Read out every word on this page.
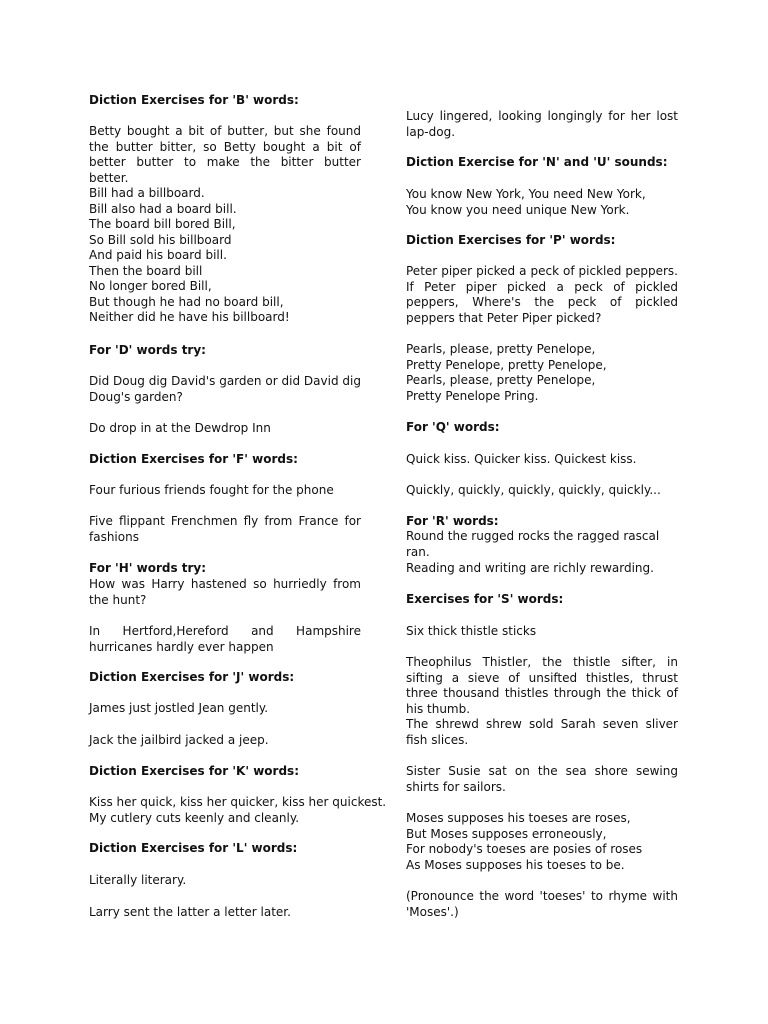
Diction Exercises for 'B' words:

Betty bought a bit of butter, but she found the butter bitter, so Betty bought a bit of better butter to make the bitter butter better.

Bill had a billboard.
Bill also had a board bill.
The board bill bored Bill,
So Bill sold his billboard
And paid his board bill.
Then the board bill
No longer bored Bill,
But though he had no board bill,
Neither did he have his billboard!

For 'D' words try:

Did Doug dig David's garden or did David dig Doug's garden?

Do drop in at the Dewdrop Inn

Diction Exercises for 'F' words:

Four furious friends fought for the phone

Five flippant Frenchmen fly from France for fashions

For 'H' words try:

How was Harry hastened so hurriedly from the hunt?

In Hertford,Hereford and Hampshire hurricanes hardly ever happen

Diction Exercises for 'J' words:

James just jostled Jean gently.

Jack the jailbird jacked a jeep.

Diction Exercises for 'K' words:

Kiss her quick, kiss her quicker, kiss her quickest.
My cutlery cuts keenly and cleanly.

Diction Exercises for 'L' words:

Literally literary.

Larry sent the latter a letter later.

Lucy lingered, looking longingly for her lost lap-dog.

Diction Exercise for 'N' and 'U' sounds:

You know New York, You need New York,
You know you need unique New York.

Diction Exercises for 'P' words:

Peter piper picked a peck of pickled peppers. If Peter piper picked a peck of pickled peppers, Where's the peck of pickled peppers that Peter Piper picked?

Pearls, please, pretty Penelope,
Pretty Penelope, pretty Penelope,
Pearls, please, pretty Penelope,
Pretty Penelope Pring.

For 'Q' words:

Quick kiss. Quicker kiss. Quickest kiss.

Quickly, quickly, quickly, quickly, quickly...

For 'R' words:

Round the rugged rocks the ragged rascal ran.

Reading and writing are richly rewarding.

Exercises for 'S' words:

Six thick thistle sticks

Theophilus Thistler, the thistle sifter, in sifting a sieve of unsifted thistles, thrust three thousand thistles through the thick of his thumb.

The shrewd shrew sold Sarah seven sliver fish slices.

Sister Susie sat on the sea shore sewing shirts for sailors.

Moses supposes his toeses are roses,
But Moses supposes erroneously,
For nobody's toeses are posies of roses
As Moses supposes his toeses to be.

(Pronounce the word 'toeses' to rhyme with 'Moses'.)
